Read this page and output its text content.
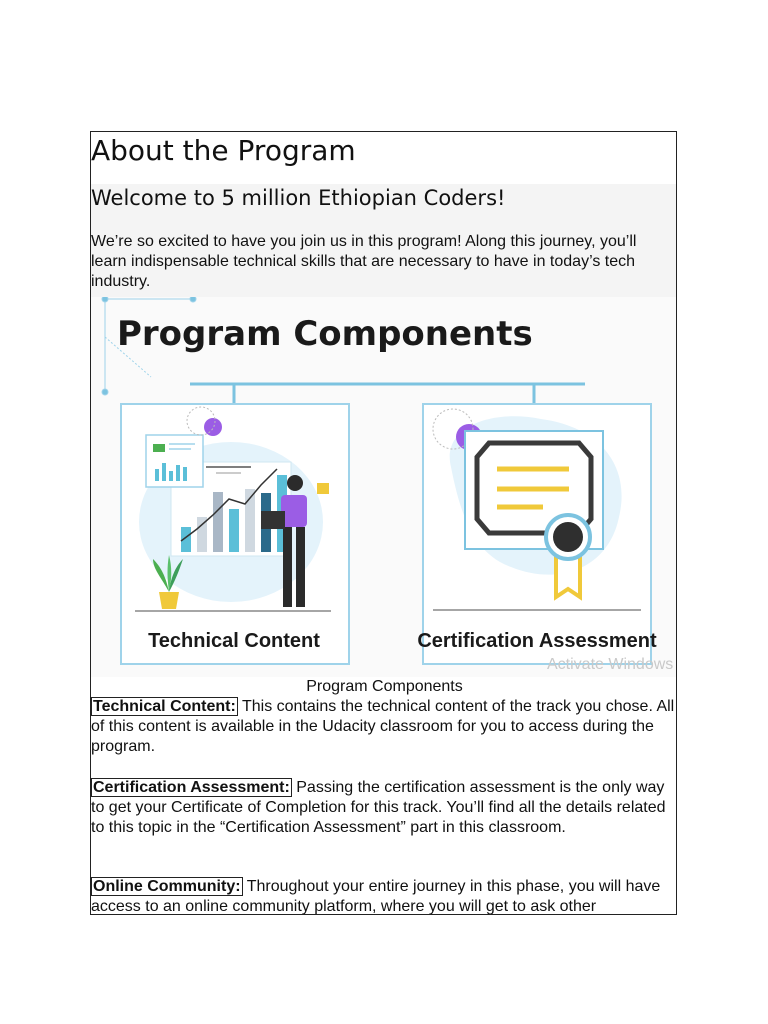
About the Program
Welcome to 5 million Ethiopian Coders!
We’re so excited to have you join us in this program! Along this journey, you’ll learn indispensable technical skills that are necessary to have in today’s tech industry.
Program Components
Technical Content	Certification Assessment
Activate Windows
Program Components
Technical Content: This contains the technical content of the track you chose. All of this content is available in the Udacity classroom for you to access during the program.
Certification Assessment: Passing the certification assessment is the only way to get your Certificate of Completion for this track. You’ll find all the details related to this topic in the “Certification Assessment” part in this classroom.
Online Community: Throughout your entire journey in this phase, you will have access to an online community platform, where you will get to ask other
